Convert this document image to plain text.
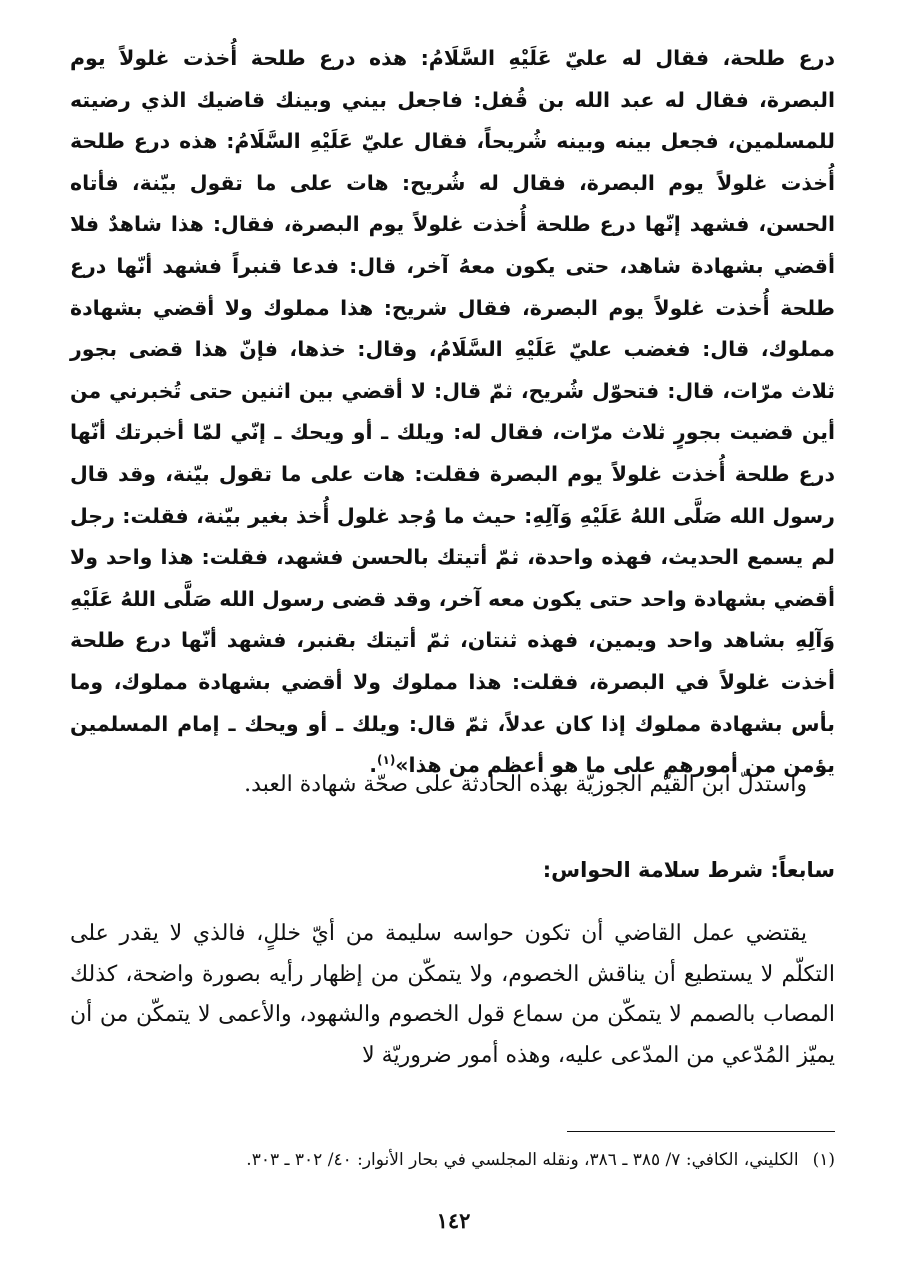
درع طلحة، فقال له عليّ عَلَيْهِ السَّلَامُ: هذه درع طلحة أُخذت غلولاً يوم البصرة، فقال له عبد الله بن قُفل: فاجعل بيني وبينك قاضيك الذي رضيته للمسلمين، فجعل بينه وبينه شُريحاً، فقال عليّ عَلَيْهِ السَّلَامُ: هذه درع طلحة أُخذت غلولاً يوم البصرة، فقال له شُريح: هات على ما تقول بيّنة، فأتاه الحسن، فشهد إنّها درع طلحة أُخذت غلولاً يوم البصرة، فقال: هذا شاهدٌ فلا أقضي بشهادة شاهد، حتى يكون معهُ آخر، قال: فدعا قنبراً فشهد أنّها درع طلحة أُخذت غلولاً يوم البصرة، فقال شريح: هذا مملوك ولا أقضي بشهادة مملوك، قال: فغضب عليّ عَلَيْهِ السَّلَامُ، وقال: خذها، فإنّ هذا قضى بجور ثلاث مرّات، قال: فتحوّل شُريح، ثمّ قال: لا أقضي بين اثنين حتى تُخبرني من أين قضيت بجورٍ ثلاث مرّات، فقال له: ويلك ـ أو ويحك ـ إنّي لمّا أخبرتك أنّها درع طلحة أُخذت غلولاً يوم البصرة فقلت: هات على ما تقول بيّنة، وقد قال رسول الله صَلَّى اللهُ عَلَيْهِ وَآلِهِ: حيث ما وُجد غلول أُخذ بغير بيّنة، فقلت: رجل لم يسمع الحديث، فهذه واحدة، ثمّ أتيتك بالحسن فشهد، فقلت: هذا واحد ولا أقضي بشهادة واحد حتى يكون معه آخر، وقد قضى رسول الله صَلَّى اللهُ عَلَيْهِ وَآلِهِ بشاهد واحد ويمين، فهذه ثنتان، ثمّ أتيتك بقنبر، فشهد أنّها درع طلحة أخذت غلولاً في البصرة، فقلت: هذا مملوك ولا أقضي بشهادة مملوك، وما بأس بشهادة مملوك إذا كان عدلاً، ثمّ قال: ويلك ـ أو ويحك ـ إمام المسلمين يؤمن من أمورهم على ما هو أعظم من هذا»$^{(١)}$.

واستدلّ ابن القيّم الجوزيّة بهذه الحادثة على صحّة شهادة العبد.

سابعاً: شرط سلامة الحواس:

يقتضي عمل القاضي أن تكون حواسه سليمة من أيّ خللٍ، فالذي لا يقدر على التكلّم لا يستطيع أن يناقش الخصوم، ولا يتمكّن من إظهار رأيه بصورة واضحة، كذلك المصاب بالصمم لا يتمكّن من سماع قول الخصوم والشهود، والأعمى لا يتمكّن من أن يميّز المُدّعي من المدّعى عليه، وهذه أمور ضروريّة لا

(١)الكليني، الكافي: ٧/ ٣٨٥ ـ ٣٨٦، ونقله المجلسي في بحار الأنوار: ٤٠/ ٣٠٢ ـ ٣٠٣.

١٤٢
